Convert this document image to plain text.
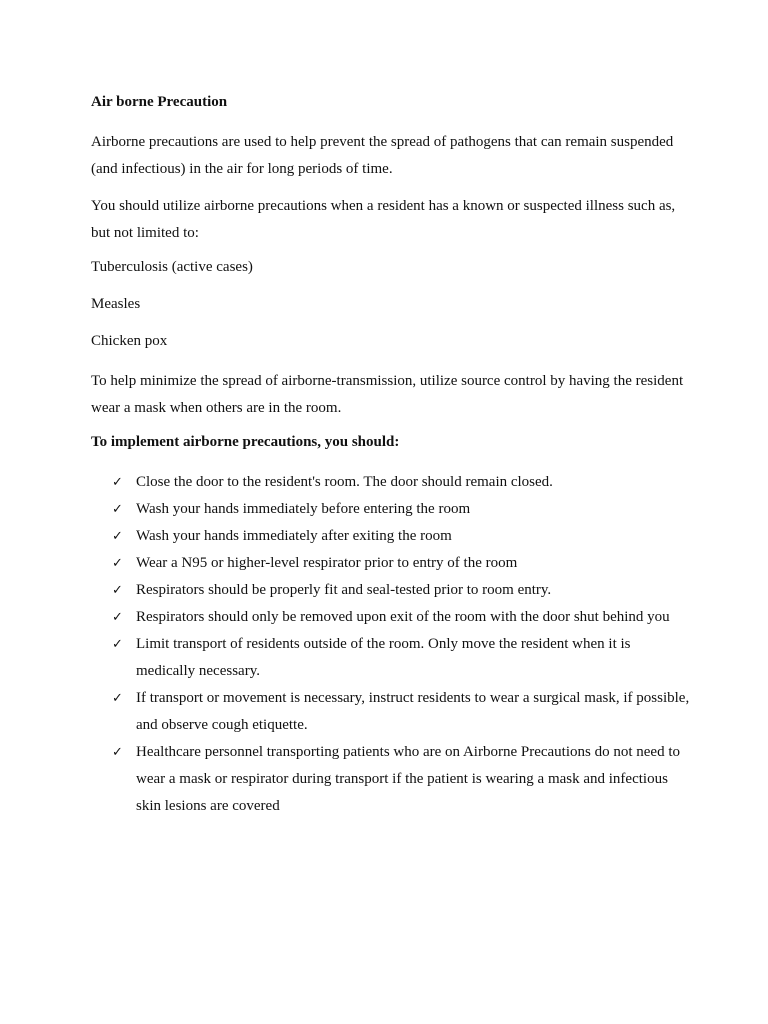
Air borne Precaution

Airborne precautions are used to help prevent the spread of pathogens that can remain suspended (and infectious) in the air for long periods of time.

You should utilize airborne precautions when a resident has a known or suspected illness such as, but not limited to:

Tuberculosis (active cases)

Measles

Chicken pox

To help minimize the spread of airborne-transmission, utilize source control by having the resident wear a mask when others are in the room.

To implement airborne precautions, you should:
✓ Close the door to the resident's room. The door should remain closed.
✓ Wash your hands immediately before entering the room
✓ Wash your hands immediately after exiting the room
✓ Wear a N95 or higher-level respirator prior to entry of the room
✓ Respirators should be properly fit and seal-tested prior to room entry.
✓ Respirators should only be removed upon exit of the room with the door shut behind you
✓ Limit transport of residents outside of the room. Only move the resident when it is medically necessary.
✓ If transport or movement is necessary, instruct residents to wear a surgical mask, if possible, and observe cough etiquette.
✓ Healthcare personnel transporting patients who are on Airborne Precautions do not need to wear a mask or respirator during transport if the patient is wearing a mask and infectious skin lesions are covered
